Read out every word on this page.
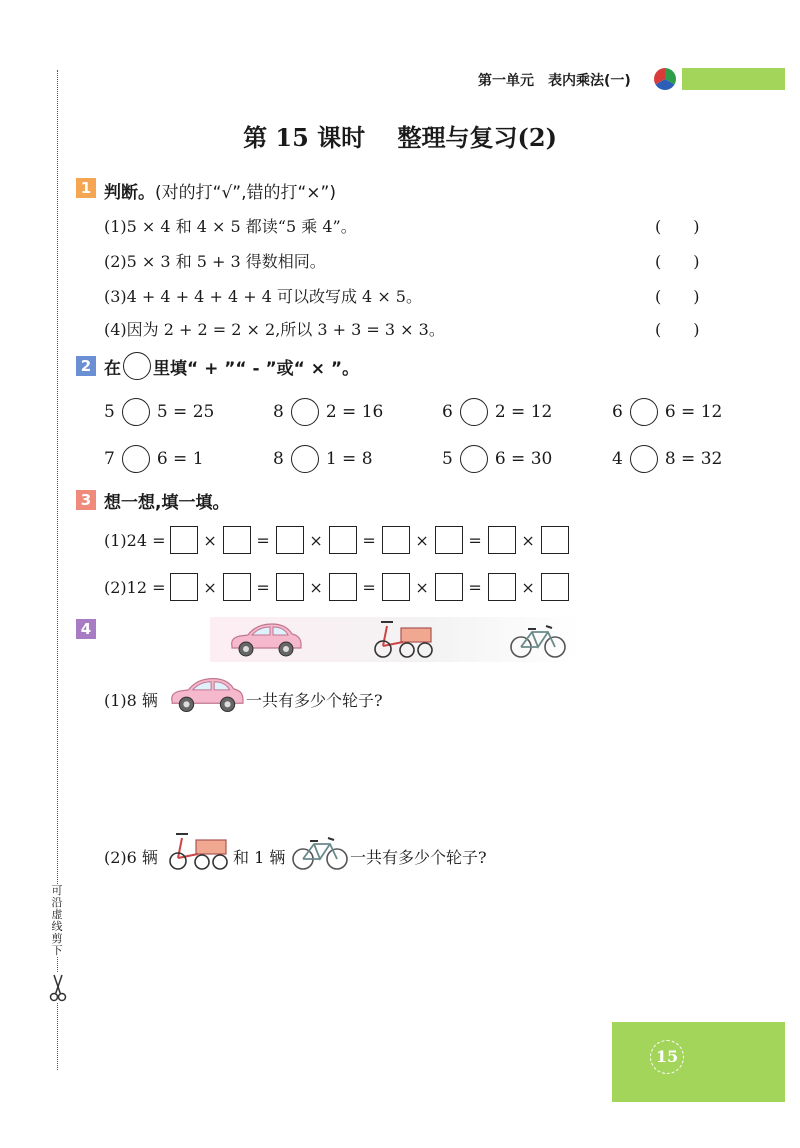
可
沿
虚
线
剪
下
第一单元　表内乘法(一)
第 15 课时　 整理与复习(2)
1 判断。(对的打“√”,错的打“×”)
(1)5 × 4 和 4 × 5 都读“5 乘 4”。	(　　)
(2)5 × 3 和 5 + 3 得数相同。	(　　)
(3)4 + 4 + 4 + 4 + 4 可以改写成 4 × 5。	(　　)
(4)因为 2 + 2 = 2 × 2,所以 3 + 3 = 3 × 3。	(　　)
2 在 里填“ + ”“ - ”或“ × ”。
5 5 = 25	8 2 = 16	6 2 = 12	6 6 = 12
7 6 = 1	8 1 = 8	5 6 = 30	4 8 = 32
3 想一想,填一填。
(1)24 =	×	=	×	=	×	=	×
(2)12 =	×	=	×	=	×	=	×
4
(1)8 辆	一共有多少个轮子?
(2)6 辆	和 1 辆	一共有多少个轮子?
15
